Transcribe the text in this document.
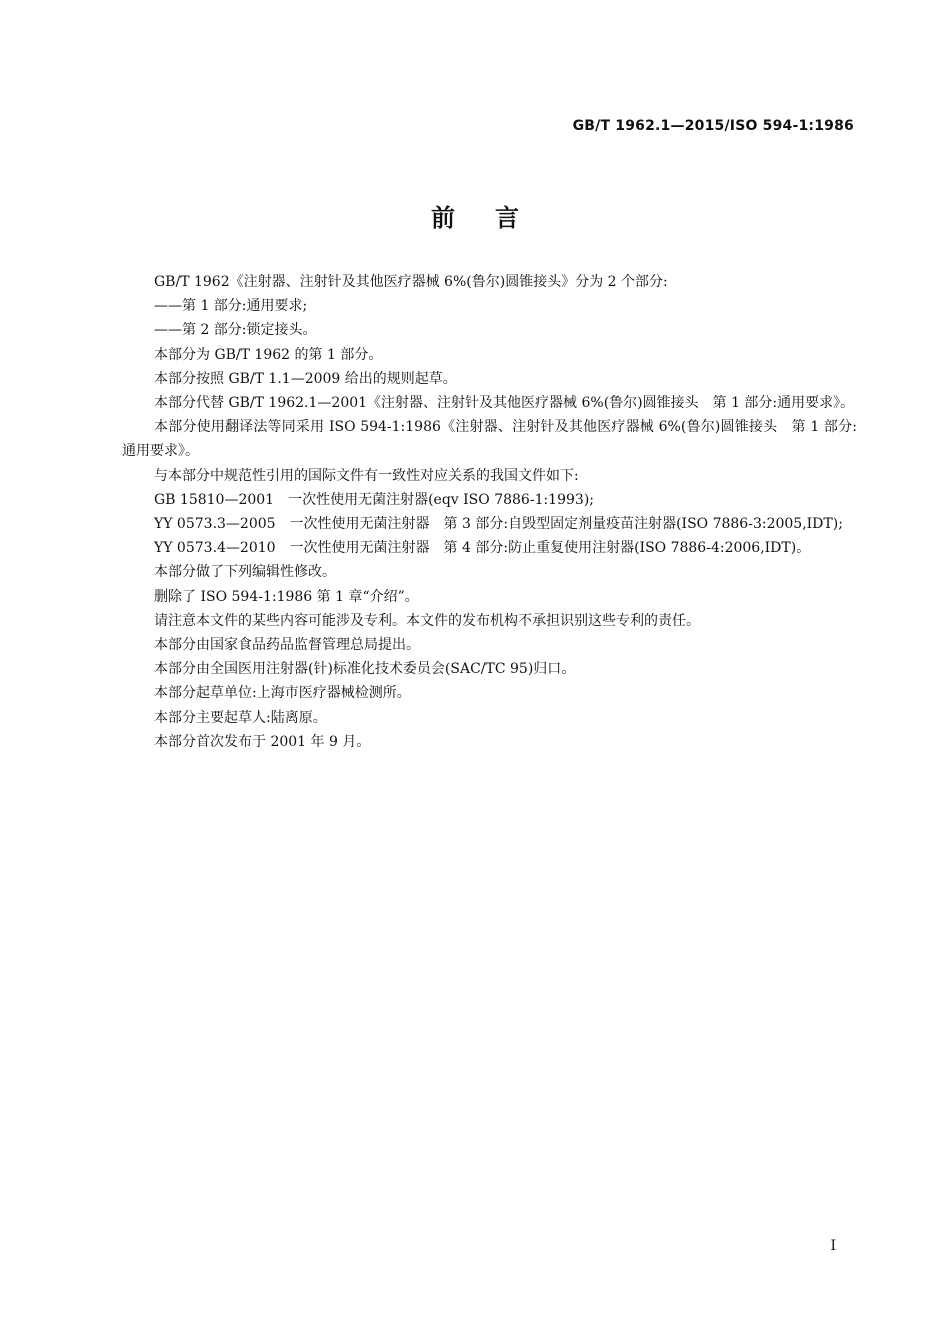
GB/T 1962.1—2015/ISO 594-1:1986
前言

GB/T 1962《注射器、注射针及其他医疗器械 6%(鲁尔)圆锥接头》分为 2 个部分:

——第 1 部分:通用要求;

——第 2 部分:锁定接头。

本部分为 GB/T 1962 的第 1 部分。

本部分按照 GB/T 1.1—2009 给出的规则起草。

本部分代替 GB/T 1962.1—2001《注射器、注射针及其他医疗器械 6%(鲁尔)圆锥接头　第 1 部分:通用要求》。

本部分使用翻译法等同采用 ISO 594-1:1986《注射器、注射针及其他医疗器械 6%(鲁尔)圆锥接头　第 1 部分:通用要求》。

与本部分中规范性引用的国际文件有一致性对应关系的我国文件如下:

GB 15810—2001　一次性使用无菌注射器(eqv ISO 7886-1:1993);

YY 0573.3—2005　一次性使用无菌注射器　第 3 部分:自毁型固定剂量疫苗注射器(ISO 7886-3:2005,IDT);

YY 0573.4—2010　一次性使用无菌注射器　第 4 部分:防止重复使用注射器(ISO 7886-4:2006,IDT)。

本部分做了下列编辑性修改。

删除了 ISO 594-1:1986 第 1 章“介绍”。

请注意本文件的某些内容可能涉及专利。本文件的发布机构不承担识别这些专利的责任。

本部分由国家食品药品监督管理总局提出。

本部分由全国医用注射器(针)标准化技术委员会(SAC/TC 95)归口。

本部分起草单位:上海市医疗器械检测所。

本部分主要起草人:陆离原。

本部分首次发布于 2001 年 9 月。

I
